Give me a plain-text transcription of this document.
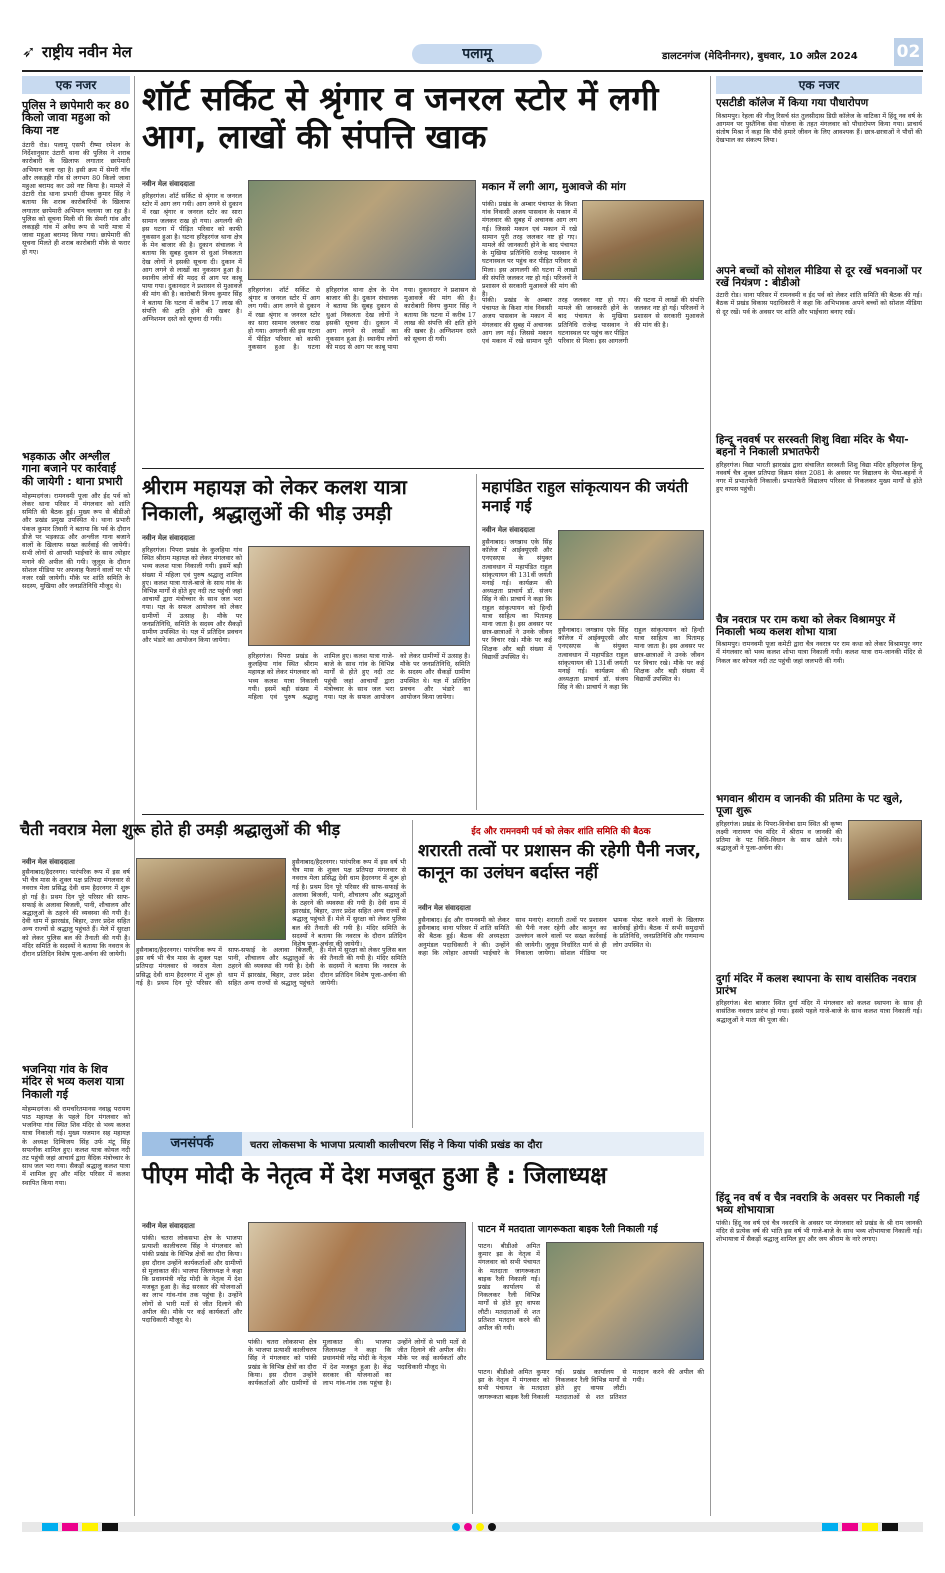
➶ राष्ट्रीय नवीन मेल	पलामू	डालटनगंज (मेदिनीनगर), बुधवार, 10 अप्रैल 2024 02
एक नजर
पुलिस ने छापेमारी कर 80 किलो जावा महुआ को किया नष्ट
उंटारी रोड। पलामू एसपी रीष्मा रमेशन के निर्देशानुसार उंटारी थाना की पुलिस ने शराब कारोबारी के खिलाफ लगातार छापेमारी अभियान चला रहा है। इसी क्रम में सेमरी गाँव और लकड़ही गाँव से लगभग 80 किलो जावा महुआ बरामद कर उसे नष्ट किया है। मामले में उंटारी रोड थाना प्रभारी दीपक कुमार सिंह ने बताया कि शराब कारोबारियों के खिलाफ लगातार छापेमारी अभियान चलाया जा रहा है। पुलिस को सूचना मिली थी कि सेमरी गांव और लकड़ही गांव में अवैध रूप से भारी मात्रा में जावा महुआ बरामद किया गया। छापेमारी की सूचना मिलते ही शराब कारोबारी मौके से फरार हो गए।
भड़काऊ और अश्लील गाना बजाने पर कार्रवाई की जायेगी : थाना प्रभारी
मोहम्मदगंज। रामनवमी पूजा और ईद पर्व को लेकर थाना परिसर में मंगलवार को शांति समिति की बैठक हुई। मुख्य रूप से बीडीओ और प्रखंड प्रमुख उपस्थित थे। थाना प्रभारी पंकज कुमार तिवारी ने बताया कि पर्व के दौरान डीजे पर भड़काऊ और अश्लील गाना बजाने वालों के खिलाफ सख्त कार्रवाई की जायेगी। सभी लोगों से आपसी भाईचारे के साथ त्योहार मनाने की अपील की गयी। जुलूस के दौरान सोशल मीडिया पर अफवाह फैलाने वालों पर भी नजर रखी जायेगी। मौके पर शांति समिति के सदस्य, मुखिया और जनप्रतिनिधि मौजूद थे।
भजनिया गांव के शिव मंदिर से भव्य कलश यात्रा निकाली गई
मोहम्मदगंज। श्री रामचरितमानस नवाह्न परायण पाठ महायज्ञ के पहले दिन मंगलवार को भजनिया गांव स्थित शिव मंदिर से भव्य कलश यात्रा निकाली गई। मुख्य यजमान सह महायज्ञ के अध्यक्ष दिग्विजय सिंह उर्फ मंटू सिंह सपत्नीक शामिल हुए। कलश यात्रा कोयल नदी तट पहुंची जहां आचार्य द्वारा वैदिक मंत्रोच्चार के साथ जल भरा गया। सैकड़ों श्रद्धालु कलश यात्रा में शामिल हुए और मंदिर परिसर में कलश स्थापित किया गया।
शॉर्ट सर्किट से श्रृंगार व जनरल स्टोर में लगी आग, लाखों की संपत्ति खाक
नवीन मेल संवाददाता
हरिहरगंज। शॉर्ट सर्किट से श्रृंगार व जनरल स्टोर में आग लग गयी। आग लगने से दुकान में रखा श्रृंगार व जनरल स्टोर का सारा सामान जलकर राख हो गया। अगलगी की इस घटना में पीड़ित परिवार को काफी नुकसान हुआ है। घटना हरिहरगंज थाना क्षेत्र के मेन बाजार की है। दुकान संचालक ने बताया कि सुबह दुकान से धुआं निकलता देख लोगों ने इसकी सूचना दी। दुकान में आग लगने से लाखों का नुकसान हुआ है। स्थानीय लोगों की मदद से आग पर काबू पाया गया। दुकानदार ने प्रशासन से मुआवजे की मांग की है। कारोबारी विनय कुमार सिंह ने बताया कि घटना में करीब 17 लाख की संपत्ति की क्षति होने की खबर है। अग्निशमन दस्ते को सूचना दी गयी।
हरिहरगंज। शॉर्ट सर्किट से श्रृंगार व जनरल स्टोर में आग लग गयी। आग लगने से दुकान में रखा श्रृंगार व जनरल स्टोर का सारा सामान जलकर राख हो गया। अगलगी की इस घटना में पीड़ित परिवार को काफी नुकसान हुआ है। घटना हरिहरगंज थाना क्षेत्र के मेन बाजार की है। दुकान संचालक ने बताया कि सुबह दुकान से धुआं निकलता देख लोगों ने इसकी सूचना दी। दुकान में आग लगने से लाखों का नुकसान हुआ है। स्थानीय लोगों की मदद से आग पर काबू पाया गया। दुकानदार ने प्रशासन से मुआवजे की मांग की है। कारोबारी विनय कुमार सिंह ने बताया कि घटना में करीब 17 लाख की संपत्ति की क्षति होने की खबर है। अग्निशमन दस्ते को सूचना दी गयी।
मकान में लगी आग, मुआवजे की मांग
पांकी। प्रखंड के अम्बार पंचायत के किशा गांव निवासी अजय पासवान के मकान में मंगलवार की सुबह में अचानक आग लग गई। जिससे मकान एवं मकान में रखे सामान पूरी तरह जलकर नष्ट हो गए। मामले की जानकारी होने के बाद पंचायत के मुखिया प्रतिनिधि राजेन्द्र पासवान ने घटनास्थल पर पहुंच कर पीड़ित परिवार से मिला। इस आगलगी की घटना में लाखों की संपत्ति जलकर नष्ट हो गई। परिजनों ने प्रशासन से सरकारी मुआवजे की मांग की है।
पांकी। प्रखंड के अम्बार पंचायत के किशा गांव निवासी अजय पासवान के मकान में मंगलवार की सुबह में अचानक आग लग गई। जिससे मकान एवं मकान में रखे सामान पूरी तरह जलकर नष्ट हो गए। मामले की जानकारी होने के बाद पंचायत के मुखिया प्रतिनिधि राजेन्द्र पासवान ने घटनास्थल पर पहुंच कर पीड़ित परिवार से मिला। इस आगलगी की घटना में लाखों की संपत्ति जलकर नष्ट हो गई। परिजनों ने प्रशासन से सरकारी मुआवजे की मांग की है।
श्रीराम महायज्ञ को लेकर कलश यात्रा निकाली, श्रद्धालुओं की भीड़ उमड़ी
नवीन मेल संवाददाता
हरिहरगंज। पिपरा प्रखंड के कुलहिया गांव स्थित श्रीराम महायज्ञ को लेकर मंगलवार को भव्य कलश यात्रा निकाली गयी। इसमें बड़ी संख्या में महिला एवं पुरुष श्रद्धालु शामिल हुए। कलश यात्रा गाजे-बाजे के साथ गांव के विभिन्न मार्गों से होते हुए नदी तट पहुंची जहां आचार्यों द्वारा मंत्रोच्चार के साथ जल भरा गया। यज्ञ के सफल आयोजन को लेकर ग्रामीणों में उत्साह है। मौके पर जनप्रतिनिधि, समिति के सदस्य और सैकड़ों ग्रामीण उपस्थित थे। यज्ञ में प्रतिदिन प्रवचन और भंडारे का आयोजन किया जायेगा।
हरिहरगंज। पिपरा प्रखंड के कुलहिया गांव स्थित श्रीराम महायज्ञ को लेकर मंगलवार को भव्य कलश यात्रा निकाली गयी। इसमें बड़ी संख्या में महिला एवं पुरुष श्रद्धालु शामिल हुए। कलश यात्रा गाजे-बाजे के साथ गांव के विभिन्न मार्गों से होते हुए नदी तट पहुंची जहां आचार्यों द्वारा मंत्रोच्चार के साथ जल भरा गया। यज्ञ के सफल आयोजन को लेकर ग्रामीणों में उत्साह है। मौके पर जनप्रतिनिधि, समिति के सदस्य और सैकड़ों ग्रामीण उपस्थित थे। यज्ञ में प्रतिदिन प्रवचन और भंडारे का आयोजन किया जायेगा।
महापंडित राहुल सांकृत्यायन की जयंती मनाई गई
नवीन मेल संवाददाता
हुसैनाबाद। जगन्नाथ एके सिंह कॉलेज में आईक्यूएसी और एनएसएस के संयुक्त तत्वावधान में महापंडित राहुल सांकृत्यायन की 131वीं जयंती मनाई गई। कार्यक्रम की अध्यक्षता प्राचार्य डॉ. संजय सिंह ने की। प्राचार्य ने कहा कि राहुल सांकृत्यायन को हिन्दी यात्रा साहित्य का पितामह माना जाता है। इस अवसर पर छात्र-छात्राओं ने उनके जीवन पर विचार रखे। मौके पर कई शिक्षक और बड़ी संख्या में विद्यार्थी उपस्थित थे।
हुसैनाबाद। जगन्नाथ एके सिंह कॉलेज में आईक्यूएसी और एनएसएस के संयुक्त तत्वावधान में महापंडित राहुल सांकृत्यायन की 131वीं जयंती मनाई गई। कार्यक्रम की अध्यक्षता प्राचार्य डॉ. संजय सिंह ने की। प्राचार्य ने कहा कि राहुल सांकृत्यायन को हिन्दी यात्रा साहित्य का पितामह माना जाता है। इस अवसर पर छात्र-छात्राओं ने उनके जीवन पर विचार रखे। मौके पर कई शिक्षक और बड़ी संख्या में विद्यार्थी उपस्थित थे।
चैती नवरात्र मेला शुरू होते ही उमड़ी श्रद्धालुओं की भीड़
नवीन मेल संवाददाता
हुसैनाबाद/हैदरनगर। पारंपरिक रूप में इस वर्ष भी चैत्र मास के शुक्ल पक्ष प्रतिपदा मंगलवार से नवरात्र मेला प्रसिद्ध देवी धाम हैदरनगर में शुरू हो गई है। प्रथम दिन पूरे परिसर की साफ-सफाई के अलावा बिजली, पानी, शौचालय और श्रद्धालुओं के ठहरने की व्यवस्था की गयी है। देवी धाम में झारखंड, बिहार, उत्तर प्रदेश सहित अन्य राज्यों से श्रद्धालु पहुंचते हैं। मेले में सुरक्षा को लेकर पुलिस बल की तैनाती की गयी है। मंदिर समिति के सदस्यों ने बताया कि नवरात्र के दौरान प्रतिदिन विशेष पूजा-अर्चना की जायेगी।
हुसैनाबाद/हैदरनगर। पारंपरिक रूप में इस वर्ष भी चैत्र मास के शुक्ल पक्ष प्रतिपदा मंगलवार से नवरात्र मेला प्रसिद्ध देवी धाम हैदरनगर में शुरू हो गई है। प्रथम दिन पूरे परिसर की साफ-सफाई के अलावा बिजली, पानी, शौचालय और श्रद्धालुओं के ठहरने की व्यवस्था की गयी है। देवी धाम में झारखंड, बिहार, उत्तर प्रदेश सहित अन्य राज्यों से श्रद्धालु पहुंचते हैं। मेले में सुरक्षा को लेकर पुलिस बल की तैनाती की गयी है। मंदिर समिति के सदस्यों ने बताया कि नवरात्र के दौरान प्रतिदिन विशेष पूजा-अर्चना की जायेगी।
हुसैनाबाद/हैदरनगर। पारंपरिक रूप में इस वर्ष भी चैत्र मास के शुक्ल पक्ष प्रतिपदा मंगलवार से नवरात्र मेला प्रसिद्ध देवी धाम हैदरनगर में शुरू हो गई है। प्रथम दिन पूरे परिसर की साफ-सफाई के अलावा बिजली, पानी, शौचालय और श्रद्धालुओं के ठहरने की व्यवस्था की गयी है। देवी धाम में झारखंड, बिहार, उत्तर प्रदेश सहित अन्य राज्यों से श्रद्धालु पहुंचते हैं। मेले में सुरक्षा को लेकर पुलिस बल की तैनाती की गयी है। मंदिर समिति के सदस्यों ने बताया कि नवरात्र के दौरान प्रतिदिन विशेष पूजा-अर्चना की जायेगी।
ईद और रामनवमी पर्व को लेकर शांति समिति की बैठक
शरारती तत्वों पर प्रशासन की रहेगी पैनी नजर, कानून का उलंघन बर्दास्त नहीं
नवीन मेल संवाददाता
हुसैनाबाद। ईद और रामनवमी को लेकर हुसैनाबाद थाना परिसर में शांति समिति की बैठक हुई। बैठक की अध्यक्षता अनुमंडल पदाधिकारी ने की। उन्होंने कहा कि त्योहार आपसी भाईचारे के साथ मनाएं। शरारती तत्वों पर प्रशासन की पैनी नजर रहेगी और कानून का उल्लंघन करने वालों पर सख्त कार्रवाई की जायेगी। जुलूस निर्धारित मार्ग से ही निकाला जायेगा। सोशल मीडिया पर भ्रामक पोस्ट करने वालों के खिलाफ कार्रवाई होगी। बैठक में सभी समुदायों के प्रतिनिधि, जनप्रतिनिधि और गणमान्य लोग उपस्थित थे।
जनसंपर्क	चतरा लोकसभा के भाजपा प्रत्याशी कालीचरण सिंह ने किया पांकी प्रखंड का दौरा
पीएम मोदी के नेतृत्व में देश मजबूत हुआ है : जिलाध्यक्ष
नवीन मेल संवाददाता
पांकी। चतरा लोकसभा क्षेत्र के भाजपा प्रत्याशी कालीचरण सिंह ने मंगलवार को पांकी प्रखंड के विभिन्न क्षेत्रों का दौरा किया। इस दौरान उन्होंने कार्यकर्ताओं और ग्रामीणों से मुलाकात की। भाजपा जिलाध्यक्ष ने कहा कि प्रधानमंत्री नरेंद्र मोदी के नेतृत्व में देश मजबूत हुआ है। केंद्र सरकार की योजनाओं का लाभ गांव-गांव तक पहुंचा है। उन्होंने लोगों से भारी मतों से जीत दिलाने की अपील की। मौके पर कई कार्यकर्ता और पदाधिकारी मौजूद थे।
पांकी। चतरा लोकसभा क्षेत्र के भाजपा प्रत्याशी कालीचरण सिंह ने मंगलवार को पांकी प्रखंड के विभिन्न क्षेत्रों का दौरा किया। इस दौरान उन्होंने कार्यकर्ताओं और ग्रामीणों से मुलाकात की। भाजपा जिलाध्यक्ष ने कहा कि प्रधानमंत्री नरेंद्र मोदी के नेतृत्व में देश मजबूत हुआ है। केंद्र सरकार की योजनाओं का लाभ गांव-गांव तक पहुंचा है। उन्होंने लोगों से भारी मतों से जीत दिलाने की अपील की। मौके पर कई कार्यकर्ता और पदाधिकारी मौजूद थे।
पाटन में मतदाता जागरूकता बाइक रैली निकाली गई
पाटन। बीडीओ अमित कुमार झा के नेतृत्व में मंगलवार को सभी पंचायत के मतदाता जागरूकता बाइक रैली निकाली गई। प्रखंड कार्यालय से निकलकर रैली विभिन्न मार्गों से होते हुए वापस लौटी। मतदाताओं से शत प्रतिशत मतदान करने की अपील की गयी।
पाटन। बीडीओ अमित कुमार झा के नेतृत्व में मंगलवार को सभी पंचायत के मतदाता जागरूकता बाइक रैली निकाली गई। प्रखंड कार्यालय से निकलकर रैली विभिन्न मार्गों से होते हुए वापस लौटी। मतदाताओं से शत प्रतिशत मतदान करने की अपील की गयी।
एक नजर
एसटीडी कॉलेज में किया गया पौधारोपण
विश्रामपुर। रेहला की नीलू रिसर्च संत तुलसीदास डिग्री कॉलेज के वाटिका में हिंदू नव वर्ष के आगमन पर पुस्तैनिक सेवा योजना के तहत मंगलवार को पौधारोपण किया गया। प्राचार्य संतोष मिश्रा ने कहा कि पौधे हमारे जीवन के लिए आवश्यक हैं। छात्र-छात्राओं ने पौधों की देखभाल का संकल्प लिया।
अपने बच्चों को सोशल मीडिया से दूर रखें भवनाओं पर रखें नियंत्रण : बीडीओ
उंटारी रोड। थाना परिसर में रामनवमी व ईद पर्व को लेकर शांति समिति की बैठक की गई। बैठक में प्रखंड विकास पदाधिकारी ने कहा कि अभिभावक अपने बच्चों को सोशल मीडिया से दूर रखें। पर्व के अवसर पर शांति और भाईचारा बनाए रखें।
हिन्दू नववर्ष पर सरस्वती शिशु विद्या मंदिर के भैया-बहनों ने निकाली प्रभातफेरी
हरिहरगंज। विद्या भारती झारखंड द्वारा संचालित सरस्वती शिशु विद्या मंदिर हरिहरगंज हिन्दू नववर्ष चैत्र शुक्ल प्रतिपदा विक्रम संवत 2081 के अवसर पर विद्यालय के भैया-बहनों ने नगर में प्रभातफेरी निकाली। प्रभातफेरी विद्यालय परिसर से निकलकर मुख्य मार्गों से होते हुए वापस पहुंची।
चैत्र नवरात्र पर राम कथा को लेकर विश्रामपुर में निकाली भव्य कलश शोभा यात्रा
विश्रामपुर। रामनवमी पूजा कमेटी द्वारा चैत्र नवरात्र पर राम कथा को लेकर विश्रामपुर नगर में मंगलवार को भव्य कलश शोभा यात्रा निकाली गयी। कलश यात्रा राम-जानकी मंदिर से निकल कर कोयल नदी तट पहुंची जहां जलभरी की गयी।
भगवान श्रीराम व जानकी की प्रतिमा के पट खुले, पूजा शुरू
हरिहरगंज। प्रखंड के पिपरा-विनोबा ग्राम स्थित श्री कृष्ण लक्ष्मी नारायण पंच मंदिर में श्रीराम व जानकी की प्रतिमा के पट विधि-विधान के साथ खोले गये। श्रद्धालुओं ने पूजा-अर्चना की।
दुर्गा मंदिर में कलश स्थापना के साथ वासंतिक नवरात्र प्रारंभ
हरिहरगंज। बेरा बाजार स्थित दुर्गा मंदिर में मंगलवार को कलश स्थापना के साथ ही वासंतिक नवरात्र प्रारंभ हो गया। इससे पहले गाजे-बाजे के साथ कलश यात्रा निकाली गई। श्रद्धालुओं ने माता की पूजा की।
हिंदू नव वर्ष व चैत्र नवरात्रि के अवसर पर निकाली गई भव्य शोभायात्रा
पांकी। हिंदू नव वर्ष एवं चैत्र नवरात्रि के अवसर पर मंगलवार को प्रखंड के श्री राम जानकी मंदिर से प्रत्येक वर्ष की भांति इस वर्ष भी गाजे-बाजे के साथ भव्य शोभायात्रा निकाली गई। शोभायात्रा में सैकड़ों श्रद्धालु शामिल हुए और जय श्रीराम के नारे लगाए।
